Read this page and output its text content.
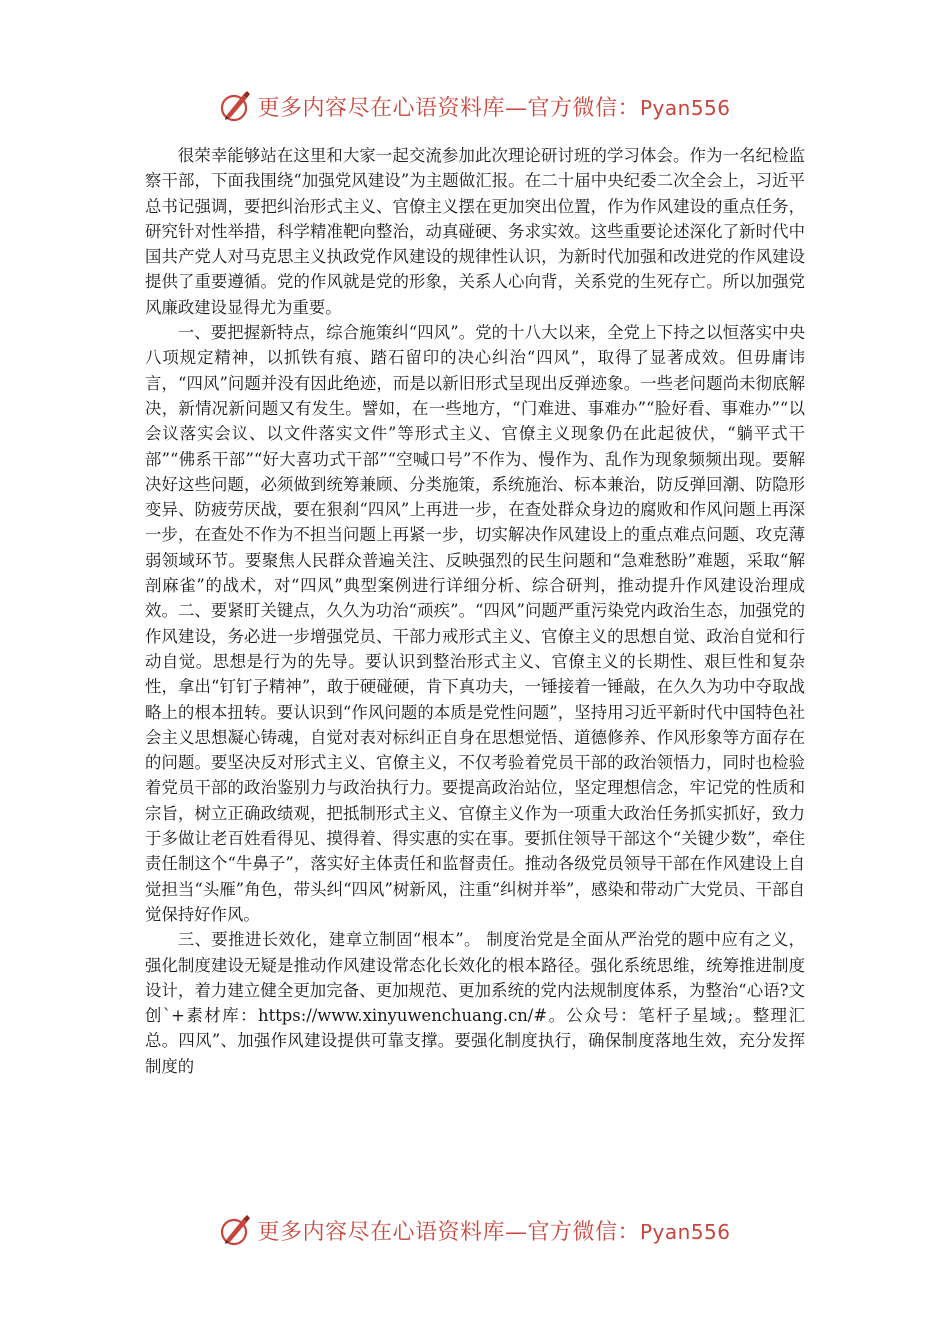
更多内容尽在心语资料库—官方微信：Pyan556

很荣幸能够站在这里和大家一起交流参加此次理论研讨班的学习体会。作为一名纪检监察干部，下面我围绕“加强党风建设”为主题做汇报。在二十届中央纪委二次全会上，习近平总书记强调，要把纠治形式主义、官僚主义摆在更加突出位置，作为作风建设的重点任务，研究针对性举措，科学精准靶向整治，动真碰硬、务求实效。这些重要论述深化了新时代中国共产党人对马克思主义执政党作风建设的规律性认识，为新时代加强和改进党的作风建设提供了重要遵循。党的作风就是党的形象，关系人心向背，关系党的生死存亡。所以加强党风廉政建设显得尤为重要。

一、要把握新特点，综合施策纠“四风”。党的十八大以来，全党上下持之以恒落实中央八项规定精神，以抓铁有痕、踏石留印的决心纠治“四风”，取得了显著成效。但毋庸讳言，“四风”问题并没有因此绝迹，而是以新旧形式呈现出反弹迹象。一些老问题尚未彻底解决，新情况新问题又有发生。譬如，在一些地方，“门难进、事难办”“脸好看、事难办”“以会议落实会议、以文件落实文件”等形式主义、官僚主义现象仍在此起彼伏，“躺平式干部”“佛系干部”“好大喜功式干部”“空喊口号”不作为、慢作为、乱作为现象频频出现。要解决好这些问题，必须做到统筹兼顾、分类施策，系统施治、标本兼治，防反弹回潮、防隐形变异、防疲劳厌战，要在狠刹“四风”上再进一步，在查处群众身边的腐败和作风问题上再深一步，在查处不作为不担当问题上再紧一步，切实解决作风建设上的重点难点问题、攻克薄弱领域环节。要聚焦人民群众普遍关注、反映强烈的民生问题和“急难愁盼”难题，采取“解剖麻雀”的战术，对“四风”典型案例进行详细分析、综合研判，推动提升作风建设治理成效。二、要紧盯关键点，久久为功治“顽疾”。“四风”问题严重污染党内政治生态，加强党的作风建设，务必进一步增强党员、干部力戒形式主义、官僚主义的思想自觉、政治自觉和行动自觉。思想是行为的先导。要认识到整治形式主义、官僚主义的长期性、艰巨性和复杂性，拿出“钉钉子精神”，敢于硬碰硬，肯下真功夫，一锤接着一锤敲，在久久为功中夺取战略上的根本扭转。要认识到“作风问题的本质是党性问题”，坚持用习近平新时代中国特色社会主义思想凝心铸魂，自觉对表对标纠正自身在思想觉悟、道德修养、作风形象等方面存在的问题。要坚决反对形式主义、官僚主义，不仅考验着党员干部的政治领悟力，同时也检验着党员干部的政治鉴别力与政治执行力。要提高政治站位，坚定理想信念，牢记党的性质和宗旨，树立正确政绩观，把抵制形式主义、官僚主义作为一项重大政治任务抓实抓好，致力于多做让老百姓看得见、摸得着、得实惠的实在事。要抓住领导干部这个“关键少数”，牵住责任制这个“牛鼻子”，落实好主体责任和监督责任。推动各级党员领导干部在作风建设上自觉担当“头雁”角色，带头纠“四风”树新风，注重“纠树并举”，感染和带动广大党员、干部自觉保持好作风。

三、要推进长效化，建章立制固“根本”。 制度治党是全面从严治党的题中应有之义，强化制度建设无疑是推动作风建设常态化长效化的根本路径。强化系统思维，统筹推进制度设计，着力建立健全更加完备、更加规范、更加系统的党内法规制度体系，为整治“心语?文创`+素材库：https://www.xinyuwenchuang.cn/#。公众号：笔杆子星域;。整理汇总。四风”、加强作风建设提供可靠支撑。要强化制度执行，确保制度落地生效，充分发挥制度的

更多内容尽在心语资料库—官方微信：Pyan556
